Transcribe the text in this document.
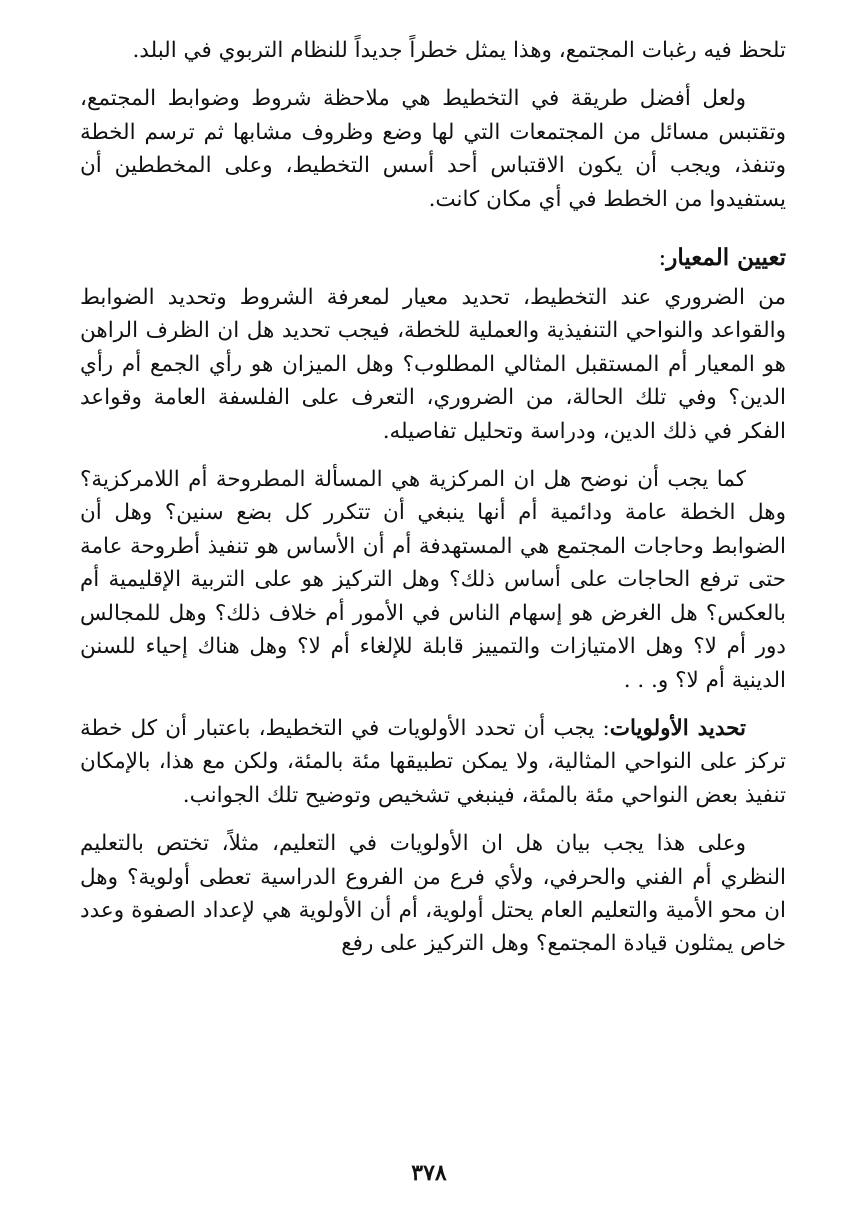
تلحظ فيه رغبات المجتمع، وهذا يمثل خطراً جديداً للنظام التربوي في البلد.

ولعل أفضل طريقة في التخطيط هي ملاحظة شروط وضوابط المجتمع، وتقتبس مسائل من المجتمعات التي لها وضع وظروف مشابها ثم ترسم الخطة وتنفذ، ويجب أن يكون الاقتباس أحد أسس التخطيط، وعلى المخططين أن يستفيدوا من الخطط في أي مكان كانت.

تعيين المعيار:

من الضروري عند التخطيط، تحديد معيار لمعرفة الشروط وتحديد الضوابط والقواعد والنواحي التنفيذية والعملية للخطة، فيجب تحديد هل ان الظرف الراهن هو المعيار أم المستقبل المثالي المطلوب؟ وهل الميزان هو رأي الجمع أم رأي الدين؟ وفي تلك الحالة، من الضروري، التعرف على الفلسفة العامة وقواعد الفكر في ذلك الدين، ودراسة وتحليل تفاصيله.

كما يجب أن نوضح هل ان المركزية هي المسألة المطروحة أم اللامركزية؟ وهل الخطة عامة ودائمية أم أنها ينبغي أن تتكرر كل بضع سنين؟ وهل أن الضوابط وحاجات المجتمع هي المستهدفة أم أن الأساس هو تنفيذ أطروحة عامة حتى ترفع الحاجات على أساس ذلك؟ وهل التركيز هو على التربية الإقليمية أم بالعكس؟ هل الغرض هو إسهام الناس في الأمور أم خلاف ذلك؟ وهل للمجالس دور أم لا؟ وهل الامتيازات والتمييز قابلة للإلغاء أم لا؟ وهل هناك إحياء للسنن الدينية أم لا؟ و. . .

تحديد الأولويات: يجب أن تحدد الأولويات في التخطيط، باعتبار أن كل خطة تركز على النواحي المثالية، ولا يمكن تطبيقها مئة بالمئة، ولكن مع هذا، بالإمكان تنفيذ بعض النواحي مئة بالمئة، فينبغي تشخيص وتوضيح تلك الجوانب.

وعلى هذا يجب بيان هل ان الأولويات في التعليم، مثلاً، تختص بالتعليم النظري أم الفني والحرفي، ولأي فرع من الفروع الدراسية تعطى أولوية؟ وهل ان محو الأمية والتعليم العام يحتل أولوية، أم أن الأولوية هي لإعداد الصفوة وعدد خاص يمثلون قيادة المجتمع؟ وهل التركيز على رفع

٣٧٨
